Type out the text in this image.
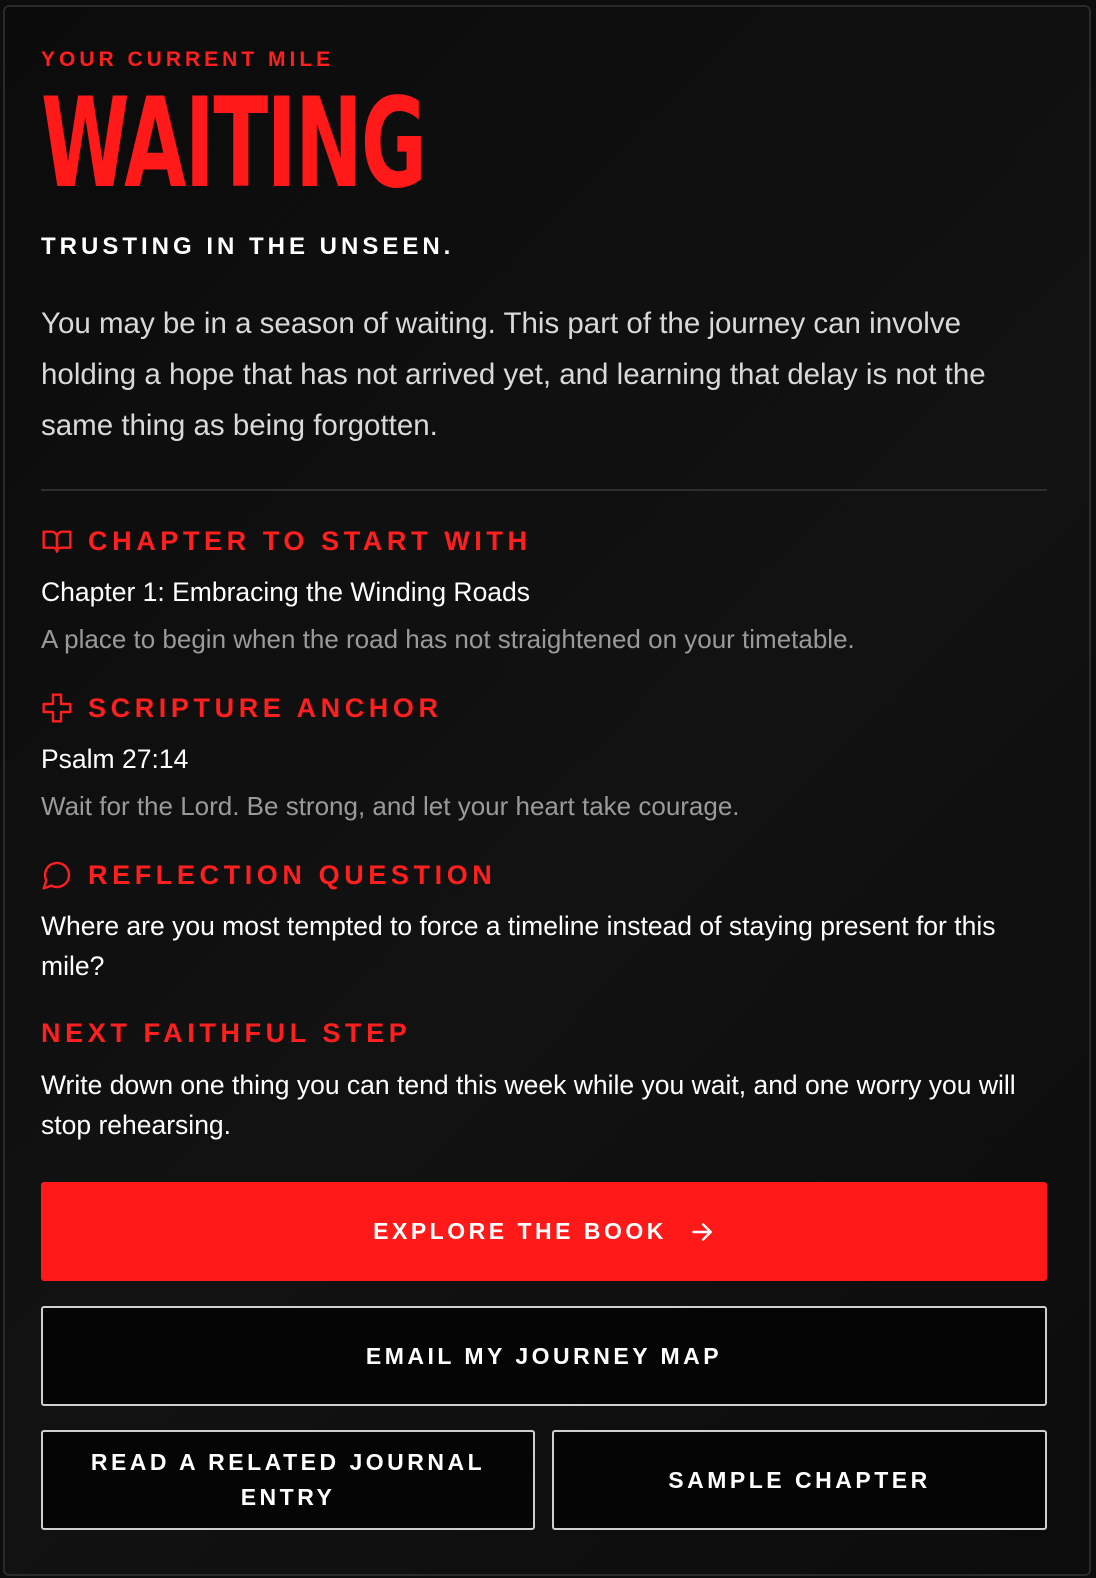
YOUR CURRENT MILE
WAITING
TRUSTING IN THE UNSEEN.
You may be in a season of waiting. This part of the journey can involve holding a hope that has not arrived yet, and learning that delay is not the same thing as being forgotten.
CHAPTER TO START WITH
Chapter 1: Embracing the Winding Roads
A place to begin when the road has not straightened on your timetable.
SCRIPTURE ANCHOR
Psalm 27:14
Wait for the Lord. Be strong, and let your heart take courage.
REFLECTION QUESTION
Where are you most tempted to force a timeline instead of staying present for this mile?
NEXT FAITHFUL STEP
Write down one thing you can tend this week while you wait, and one worry you will stop rehearsing.
EXPLORE THE BOOK
EMAIL MY JOURNEY MAP
READ A RELATED JOURNAL ENTRY
SAMPLE CHAPTER
